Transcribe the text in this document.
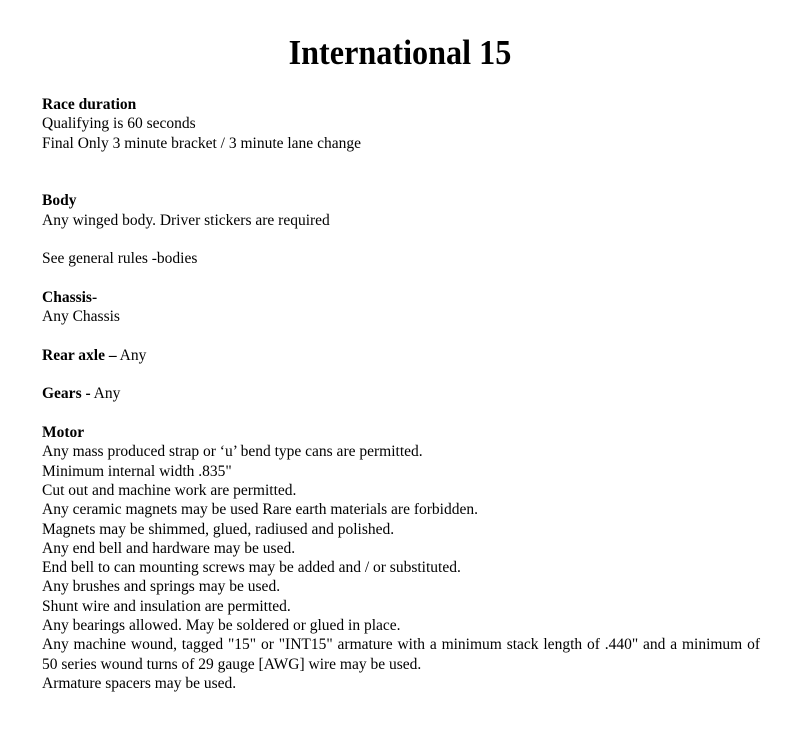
International 15
Race duration
Qualifying is 60 seconds
Final Only 3 minute bracket / 3 minute lane change
Body
Any winged body. Driver stickers are required
See general rules -bodies
Chassis-
Any Chassis
Rear axle – Any
Gears - Any
Motor
Any mass produced strap or ‘u’ bend type cans are permitted.
Minimum internal width .835"
Cut out and machine work are permitted.
Any ceramic magnets may be used Rare earth materials are forbidden.
Magnets may be shimmed, glued, radiused and polished.
Any end bell and hardware may be used.
End bell to can mounting screws may be added and / or substituted.
Any brushes and springs may be used.
Shunt wire and insulation are permitted.
Any bearings allowed. May be soldered or glued in place.
Any machine wound, tagged "15" or "INT15" armature with a minimum stack length of .440" and a minimum of 50 series wound turns of 29 gauge [AWG] wire may be used.
Armature spacers may be used.
